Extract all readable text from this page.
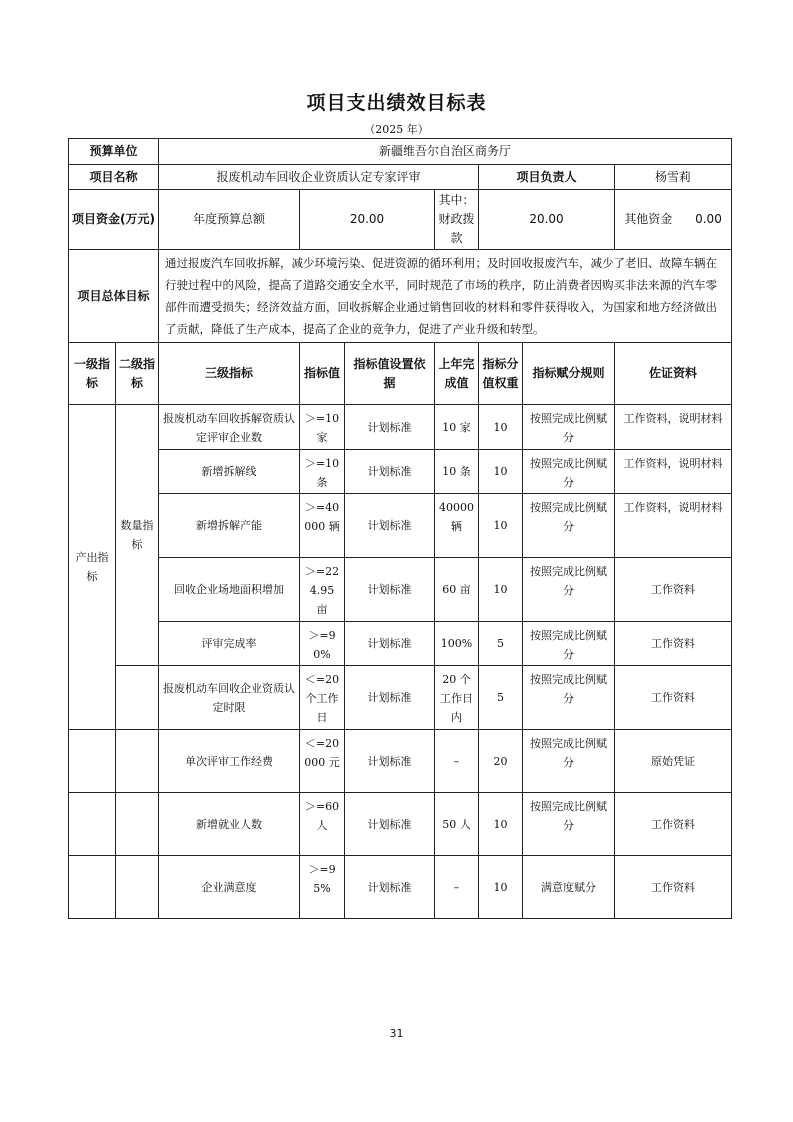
项目支出绩效目标表
（2025 年）
预算单位		新疆维吾尔自治区商务厅						
项目名称		报废机动车回收企业资质认定专家评审				项目负责人		杨雪莉
项目资金(万元)		年度预算总额	20.00		其中：财政拨款	20.00		其他资金 0.00
项目总体目标		通过报废汽车回收拆解，减少环境污染、促进资源的循环利用；及时回收报废汽车，减少了老旧、故障车辆在行驶过程中的风险，提高了道路交通安全水平，同时规范了市场的秩序，防止消费者因购买非法来源的汽车零部件而遭受损失；经济效益方面，回收拆解企业通过销售回收的材料和零件获得收入，为国家和地方经济做出了贡献，降低了生产成本，提高了企业的竞争力，促进了产业升级和转型。						
一级指标	二级指标	三级指标	指标值	指标值设置依据	上年完成值	指标分值权重	指标赋分规则	佐证资料
产出指标	数量指标	报废机动车回收拆解资质认定评审企业数	＞=10家	计划标准	10 家	10	按照完成比例赋分	工作资料，说明材料
		新增拆解线	＞=10条	计划标准	10 条	10	按照完成比例赋分	工作资料，说明材料
		新增拆解产能	＞=40000 辆	计划标准	40000辆	10	按照完成比例赋分	工作资料，说明材料
		回收企业场地面积增加	＞=224.95 亩	计划标准	60 亩	10	按照完成比例赋分	工作资料
		评审完成率	＞=90%	计划标准	100%	5	按照完成比例赋分	工作资料
		报废机动车回收企业资质认定时限	＜=20个工作日	计划标准	20 个工作日内	5	按照完成比例赋分	工作资料
		单次评审工作经费	＜=20000 元	计划标准	–	20	按照完成比例赋分	原始凭证
		新增就业人数	＞=60人	计划标准	50 人	10	按照完成比例赋分	工作资料
		企业满意度	＞=95%	计划标准	–	10	满意度赋分	工作资料
31
